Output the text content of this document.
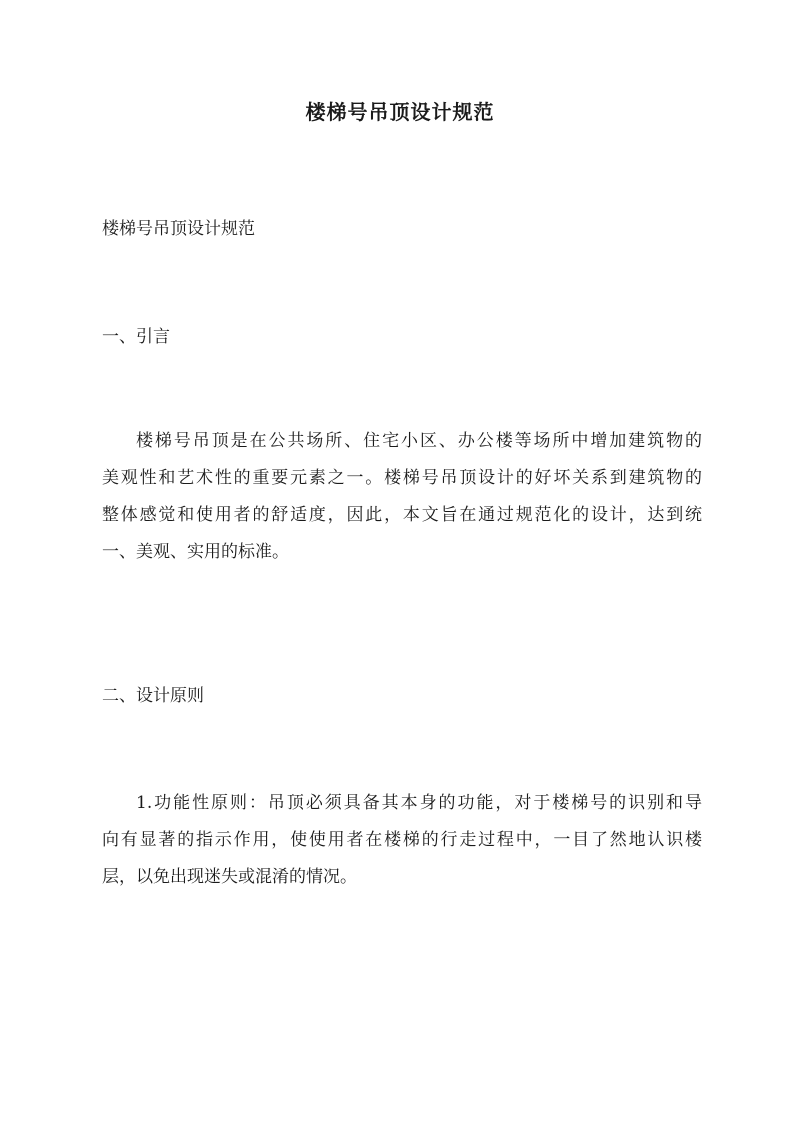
楼梯号吊顶设计规范

楼梯号吊顶设计规范

一、引言

楼梯号吊顶是在公共场所、住宅小区、办公楼等场所中增加建筑物的
美观性和艺术性的重要元素之一。楼梯号吊顶设计的好坏关系到建筑物的
整体感觉和使用者的舒适度，因此，本文旨在通过规范化的设计，达到统
一、美观、实用的标准。

二、设计原则

1.功能性原则：吊顶必须具备其本身的功能，对于楼梯号的识别和导
向有显著的指示作用，使使用者在楼梯的行走过程中，一目了然地认识楼
层，以免出现迷失或混淆的情况。
